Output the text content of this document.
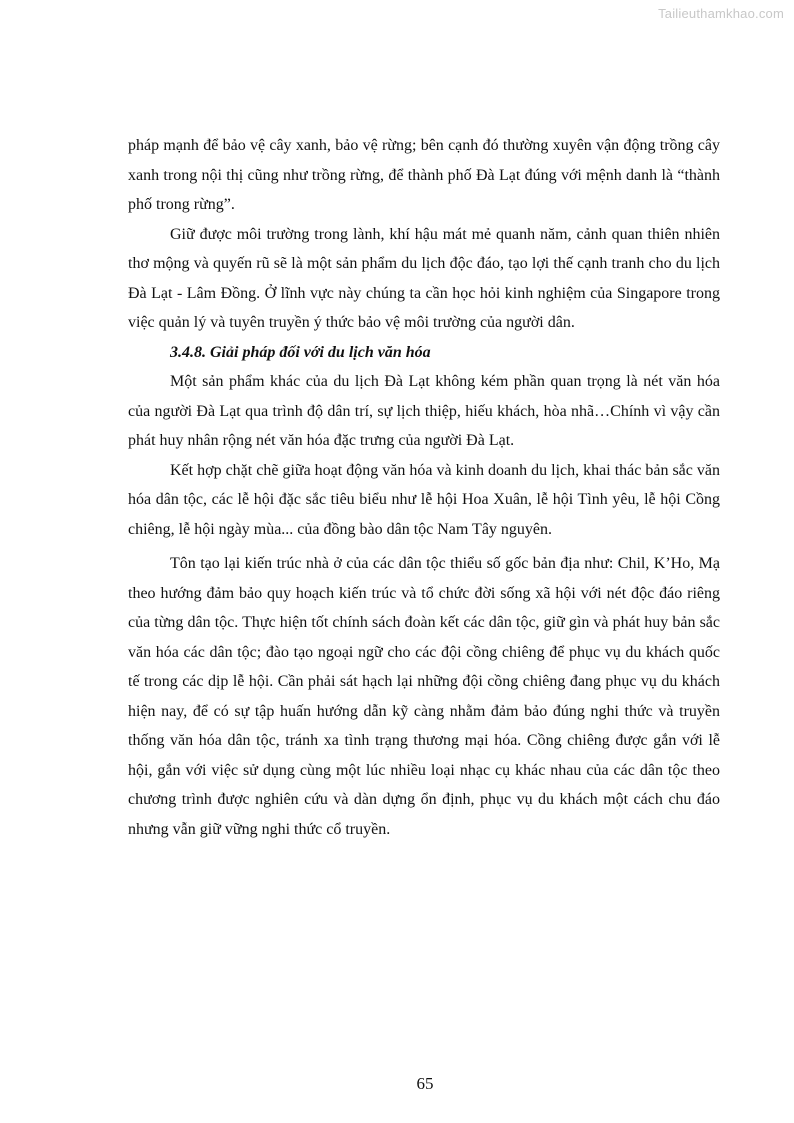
Tailieuthamkhao.com

pháp mạnh để bảo vệ cây xanh, bảo vệ rừng; bên cạnh đó thường xuyên vận động trồng cây xanh trong nội thị cũng như trồng rừng, để thành phố Đà Lạt đúng với mệnh danh là “thành phố trong rừng”.

Giữ được môi trường trong lành, khí hậu mát mẻ quanh năm, cảnh quan thiên nhiên thơ mộng và quyến rũ sẽ là một sản phẩm du lịch độc đáo, tạo lợi thế cạnh tranh cho du lịch Đà Lạt - Lâm Đồng. Ở lĩnh vực này chúng ta cần học hỏi kinh nghiệm của Singapore trong việc quản lý và tuyên truyền ý thức bảo vệ môi trường của người dân.

3.4.8. Giải pháp đối với du lịch văn hóa

Một sản phẩm khác của du lịch Đà Lạt không kém phần quan trọng là nét văn hóa của người Đà Lạt qua trình độ dân trí, sự lịch thiệp, hiếu khách, hòa nhã…Chính vì vậy cần phát huy nhân rộng nét văn hóa đặc trưng của người Đà Lạt.

Kết hợp chặt chẽ giữa hoạt động văn hóa và kinh doanh du lịch, khai thác bản sắc văn hóa dân tộc, các lễ hội đặc sắc tiêu biểu như lễ hội Hoa Xuân, lễ hội Tình yêu, lễ hội Cồng chiêng, lễ hội ngày mùa... của đồng bào dân tộc Nam Tây nguyên.

Tôn tạo lại kiến trúc nhà ở của các dân tộc thiểu số gốc bản địa như: Chil, K’Ho, Mạ theo hướng đảm bảo quy hoạch kiến trúc và tổ chức đời sống xã hội với nét độc đáo riêng của từng dân tộc. Thực hiện tốt chính sách đoàn kết các dân tộc, giữ gìn và phát huy bản sắc văn hóa các dân tộc; đào tạo ngoại ngữ cho các đội cồng chiêng để phục vụ du khách quốc tế trong các dịp lễ hội. Cần phải sát hạch lại những đội cồng chiêng đang phục vụ du khách hiện nay, để có sự tập huấn hướng dẫn kỹ càng nhằm đảm bảo đúng nghi thức và truyền thống văn hóa dân tộc, tránh xa tình trạng thương mại hóa. Cồng chiêng được gắn với lễ hội, gắn với việc sử dụng cùng một lúc nhiều loại nhạc cụ khác nhau của các dân tộc theo chương trình được nghiên cứu và dàn dựng ổn định, phục vụ du khách một cách chu đáo nhưng vẫn giữ vững nghi thức cổ truyền.

65
